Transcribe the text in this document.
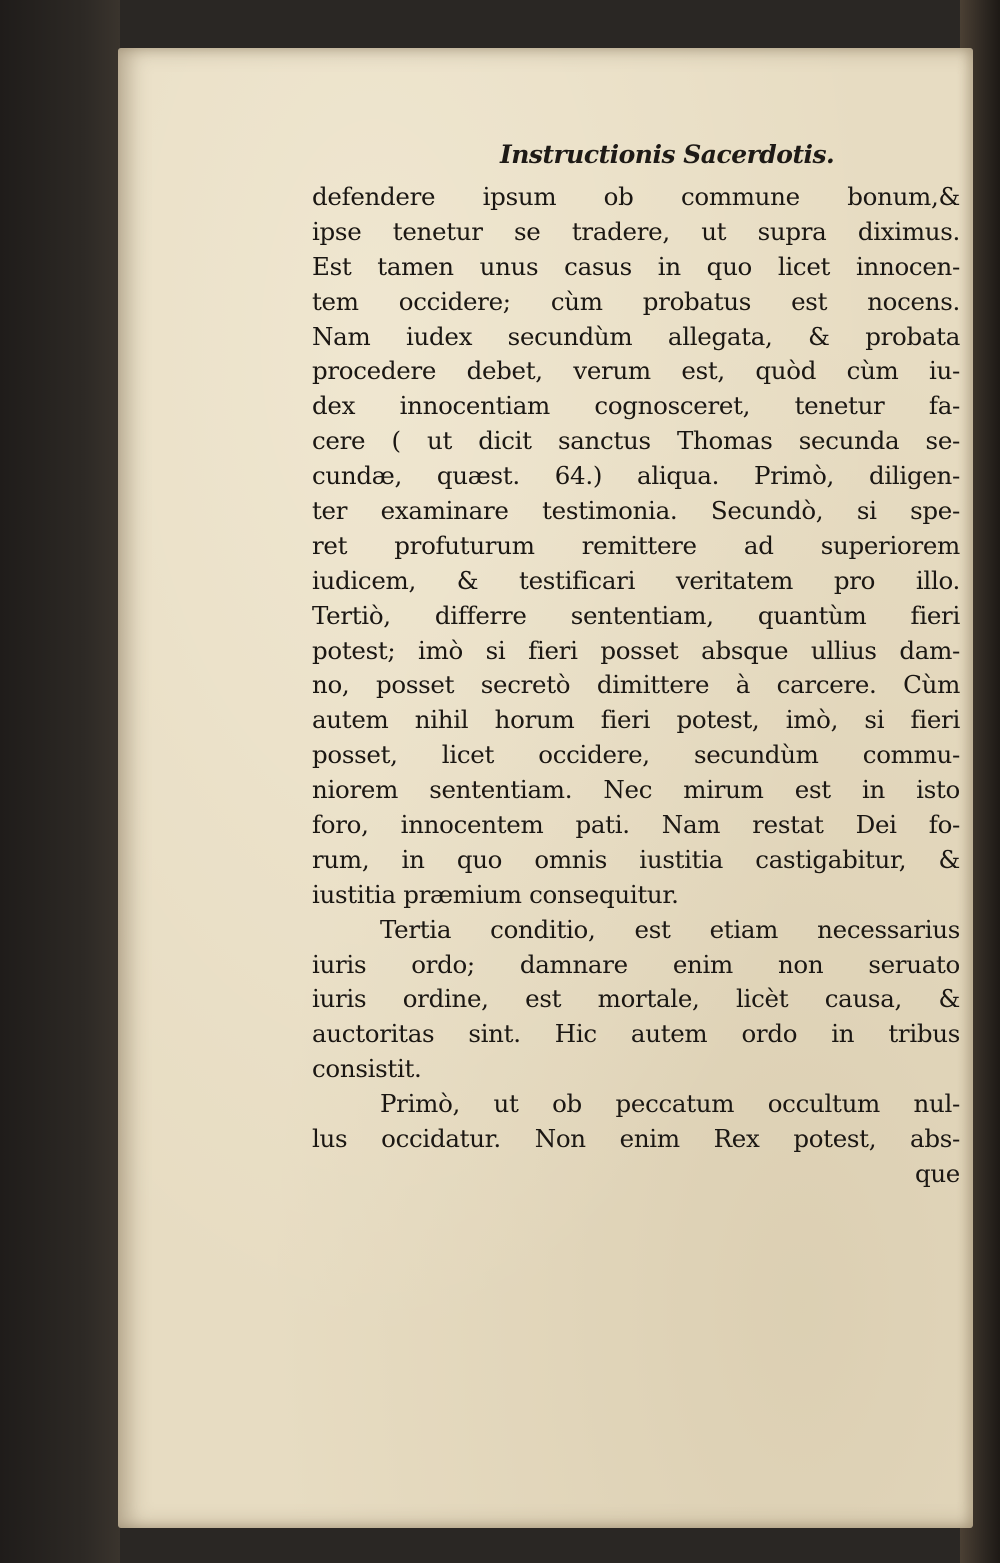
Instructionis Sacerdotis.
defendere ipsum ob commune bonum,&
ipse tenetur se tradere, ut supra diximus.
Est tamen unus casus in quo licet innocen-
tem occidere; cùm probatus est nocens.
Nam iudex secundùm allegata, & probata
procedere debet, verum est, quòd cùm iu-
dex innocentiam cognosceret, tenetur fa-
cere ( ut dicit sanctus Thomas secunda se-
cundæ, quæst. 64.) aliqua. Primò, diligen-
ter examinare testimonia. Secundò, si spe-
ret profuturum remittere ad superiorem
iudicem, & testificari veritatem pro illo.
Tertiò, differre sententiam, quantùm fieri
potest; imò si fieri posset absque ullius dam-
no, posset secretò dimittere à carcere. Cùm
autem nihil horum fieri potest, imò, si fieri
posset, licet occidere, secundùm commu-
niorem sententiam. Nec mirum est in isto
foro, innocentem pati. Nam restat Dei fo-
rum, in quo omnis iustitia castigabitur, &
iustitia præmium consequitur.
Tertia conditio, est etiam necessarius
iuris ordo; damnare enim non seruato
iuris ordine, est mortale, licèt causa, &
auctoritas sint. Hic autem ordo in tribus
consistit.
Primò, ut ob peccatum occultum nul-
lus occidatur. Non enim Rex potest, abs-
que
